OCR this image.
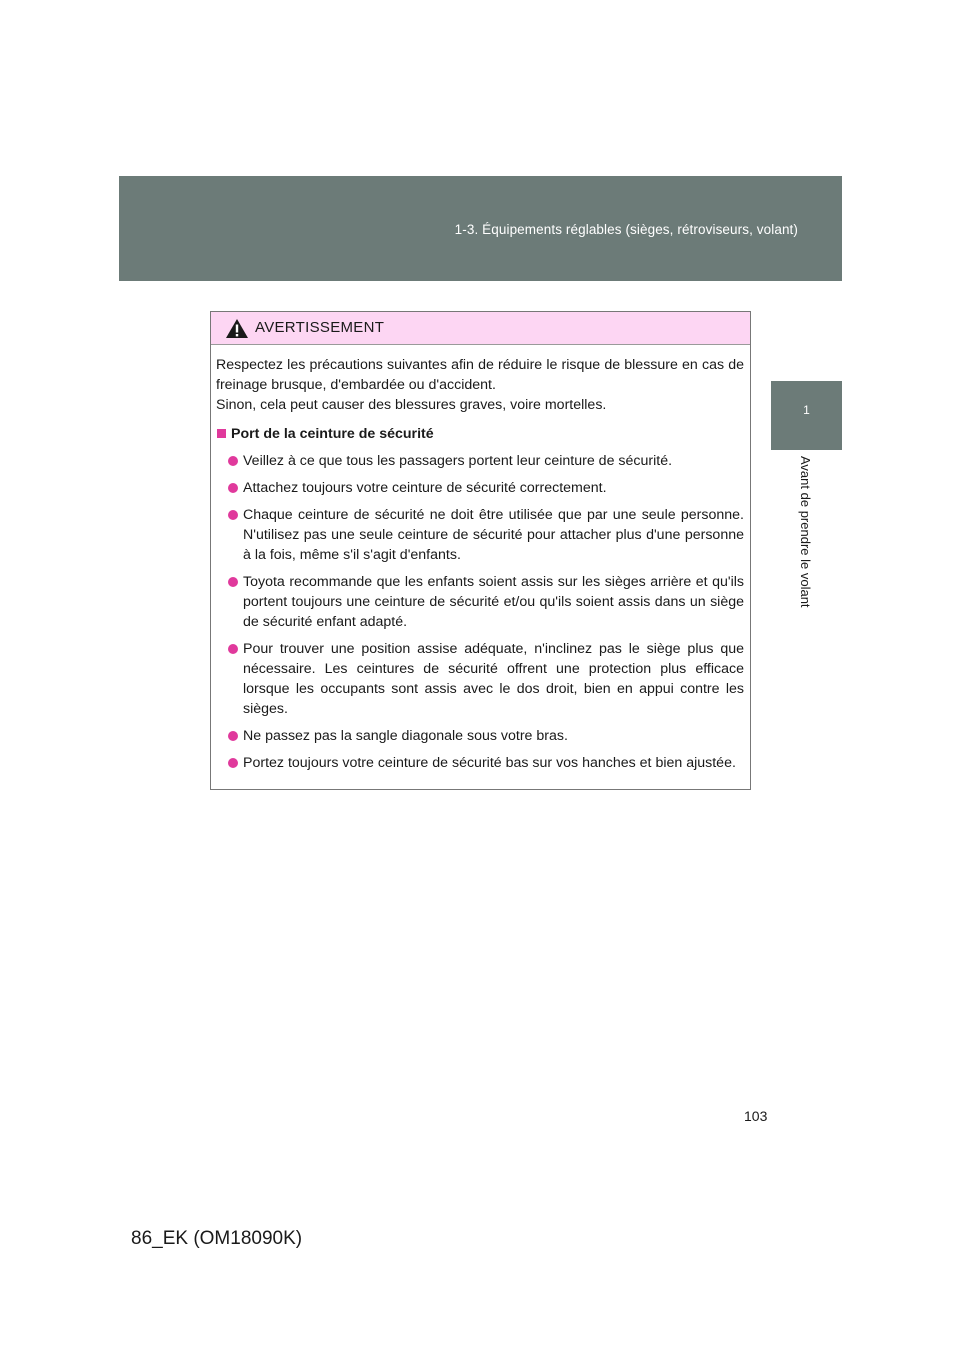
1-3. Équipements réglables (sièges, rétroviseurs, volant)
1
Avant de prendre le volant
AVERTISSEMENT

Respectez les précautions suivantes afin de réduire le risque de blessure en cas de freinage brusque, d'embardée ou d'accident.
Sinon, cela peut causer des blessures graves, voire mortelles.

Port de la ceinture de sécurité
Veillez à ce que tous les passagers portent leur ceinture de sécurité.
Attachez toujours votre ceinture de sécurité correctement.
Chaque ceinture de sécurité ne doit être utilisée que par une seule personne. N'utilisez pas une seule ceinture de sécurité pour attacher plus d'une personne à la fois, même s'il s'agit d'enfants.
Toyota recommande que les enfants soient assis sur les sièges arrière et qu'ils portent toujours une ceinture de sécurité et/ou qu'ils soient assis dans un siège de sécurité enfant adapté.
Pour trouver une position assise adéquate, n'inclinez pas le siège plus que nécessaire. Les ceintures de sécurité offrent une protection plus efficace lorsque les occupants sont assis avec le dos droit, bien en appui contre les sièges.
Ne passez pas la sangle diagonale sous votre bras.
Portez toujours votre ceinture de sécurité bas sur vos hanches et bien ajustée.
103
86_EK (OM18090K)
